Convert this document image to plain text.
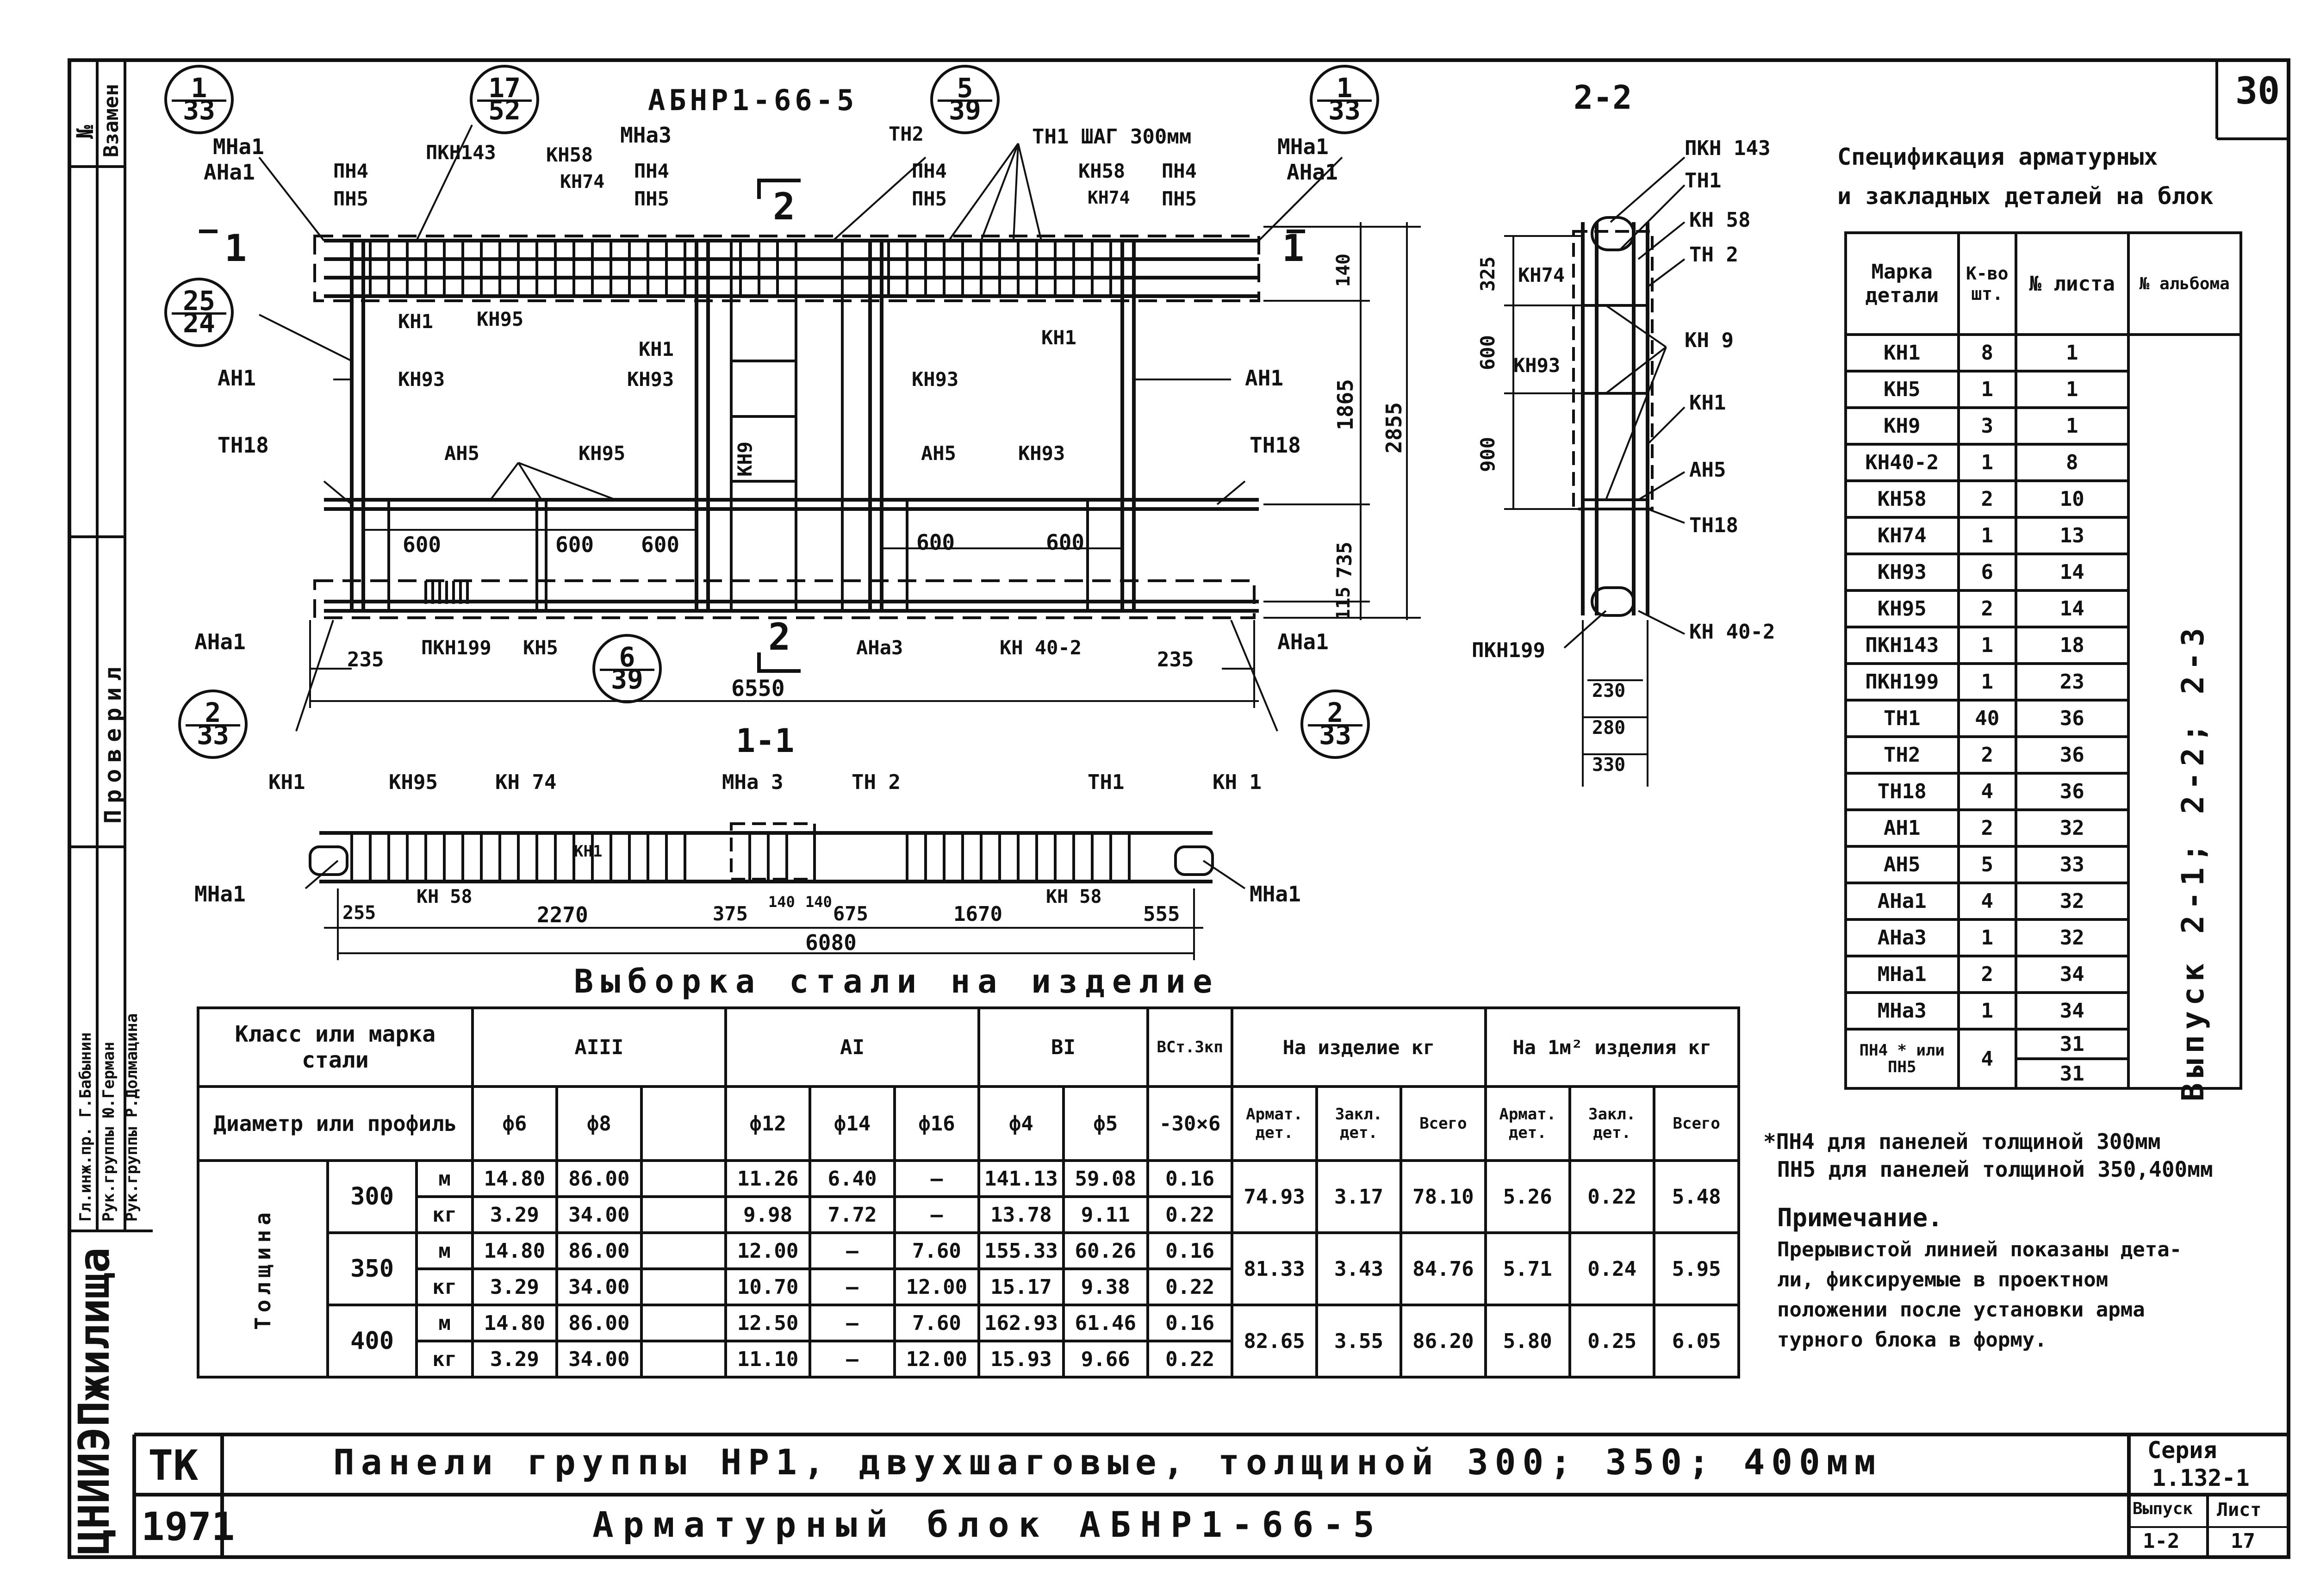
№ Взамен
Проверил
Гл.инж.пр. Г.Бабынин
Рук.группы Ю.Герман
Рук.группы Р.Долмацина
ЦНИИЭПжилища
30
АБНР1-66-5
1
33
17
52
5
39
1
33
25
24
6
39
2
33
2
33
1	1
2
2
МНа1
АНа1	ПН4
ПН5
ПКН143	КН58
КН74
МНа3
ПН4
ПН5
ТН2
ПН4
ПН5
ТН1 ШАГ 300мм
КН58
КН74
ПН4
ПН5
МНа1
АНа1
АН1
КН1 КН95
КН93
КН1
КН93
КН9
КН93
КН1
АН1
ТН18	АН5	КН95	АН5	КН93	ТН18
АНа1	ПКН199 КН5	АНа3	КН 40-2	АНа1
600	600 600	600	600
235	235
6550
140
1865
735
115
2855
1-1
КН1	КН95	КН 74	МНа 3	ТН 2	ТН1	КН 1
МНа1	МНа1
КН1
КН 58	КН 58
255	2270	375
140 140
675	1670	555
6080
2-2
ПКН 143
ТН1
КН 58
ТН 2
КН74
КН93
КН 9
КН1
АН5
ТН18
ПКН199
КН 40-2
325
600
900
230
280
330
Спецификация арматурных
и закладных деталей на блок
Марка детали	К-во шт.	№ листа	№ альбома
КН1	8	1	
КН5	1	1	
КН9	3	1	
КН40-2	1	8	
КН58	2	10	
КН74	1	13	
КН93	6	14	
КН95	2	14	
ПКН143	1	18	
ПКН199	1	23	
ТН1	40	36	
ТН2	2	36	
ТН18	4	36	
АН1	2	32	
АН5	5	33	
АНа1	4	32	
АНа3	1	32	
МНа1	2	34	
МНа3	1	34	
ПН4 * или ПН5	4	31	
		31		Выпуск 2-1; 2-2; 2-3
*ПН4 для панелей толщиной 300мм
ПН5 для панелей толщиной 350,400мм
Примечание.
Прерывистой линией показаны дета-
ли, фиксируемые в проектном
положении после установки арма
турного блока в форму.
Выборка стали на изделие
Класс или марка стали			АIII			АI			ВI		ВСт.3кп	На изделие кг			На 1м² изделия кг		
Диаметр или профиль			ф6	ф8		ф12	ф14	ф16	ф4	ф5	-30×6	Армат. дет.	Закл. дет.	Всего	Армат. дет.	Закл. дет.	Всего

Толщина	300	м	14.80	86.00		11.26	6.40	—	141.13	59.08	0.16	74.93	3.17	78.10	5.26	0.22	5.48
		кг	3.29	34.00		9.98	7.72	—	13.78	9.11	0.22						
	350	м	14.80	86.00		12.00	—	7.60	155.33	60.26	0.16	81.33	3.43	84.76	5.71	0.24	5.95
		кг	3.29	34.00		10.70	—	12.00	15.17	9.38	0.22						
	400	м	14.80	86.00		12.50	—	7.60	162.93	61.46	0.16	82.65	3.55	86.20	5.80	0.25	6.05
		кг	3.29	34.00		11.10	—	12.00	15.93	9.66	0.22						
ТК
1971
Панели группы НР1, двухшаговые, толщиной 300; 350; 400мм
Арматурный блок АБНР1-66-5
Серия
1.132-1
Выпуск
1-2
Лист
17
